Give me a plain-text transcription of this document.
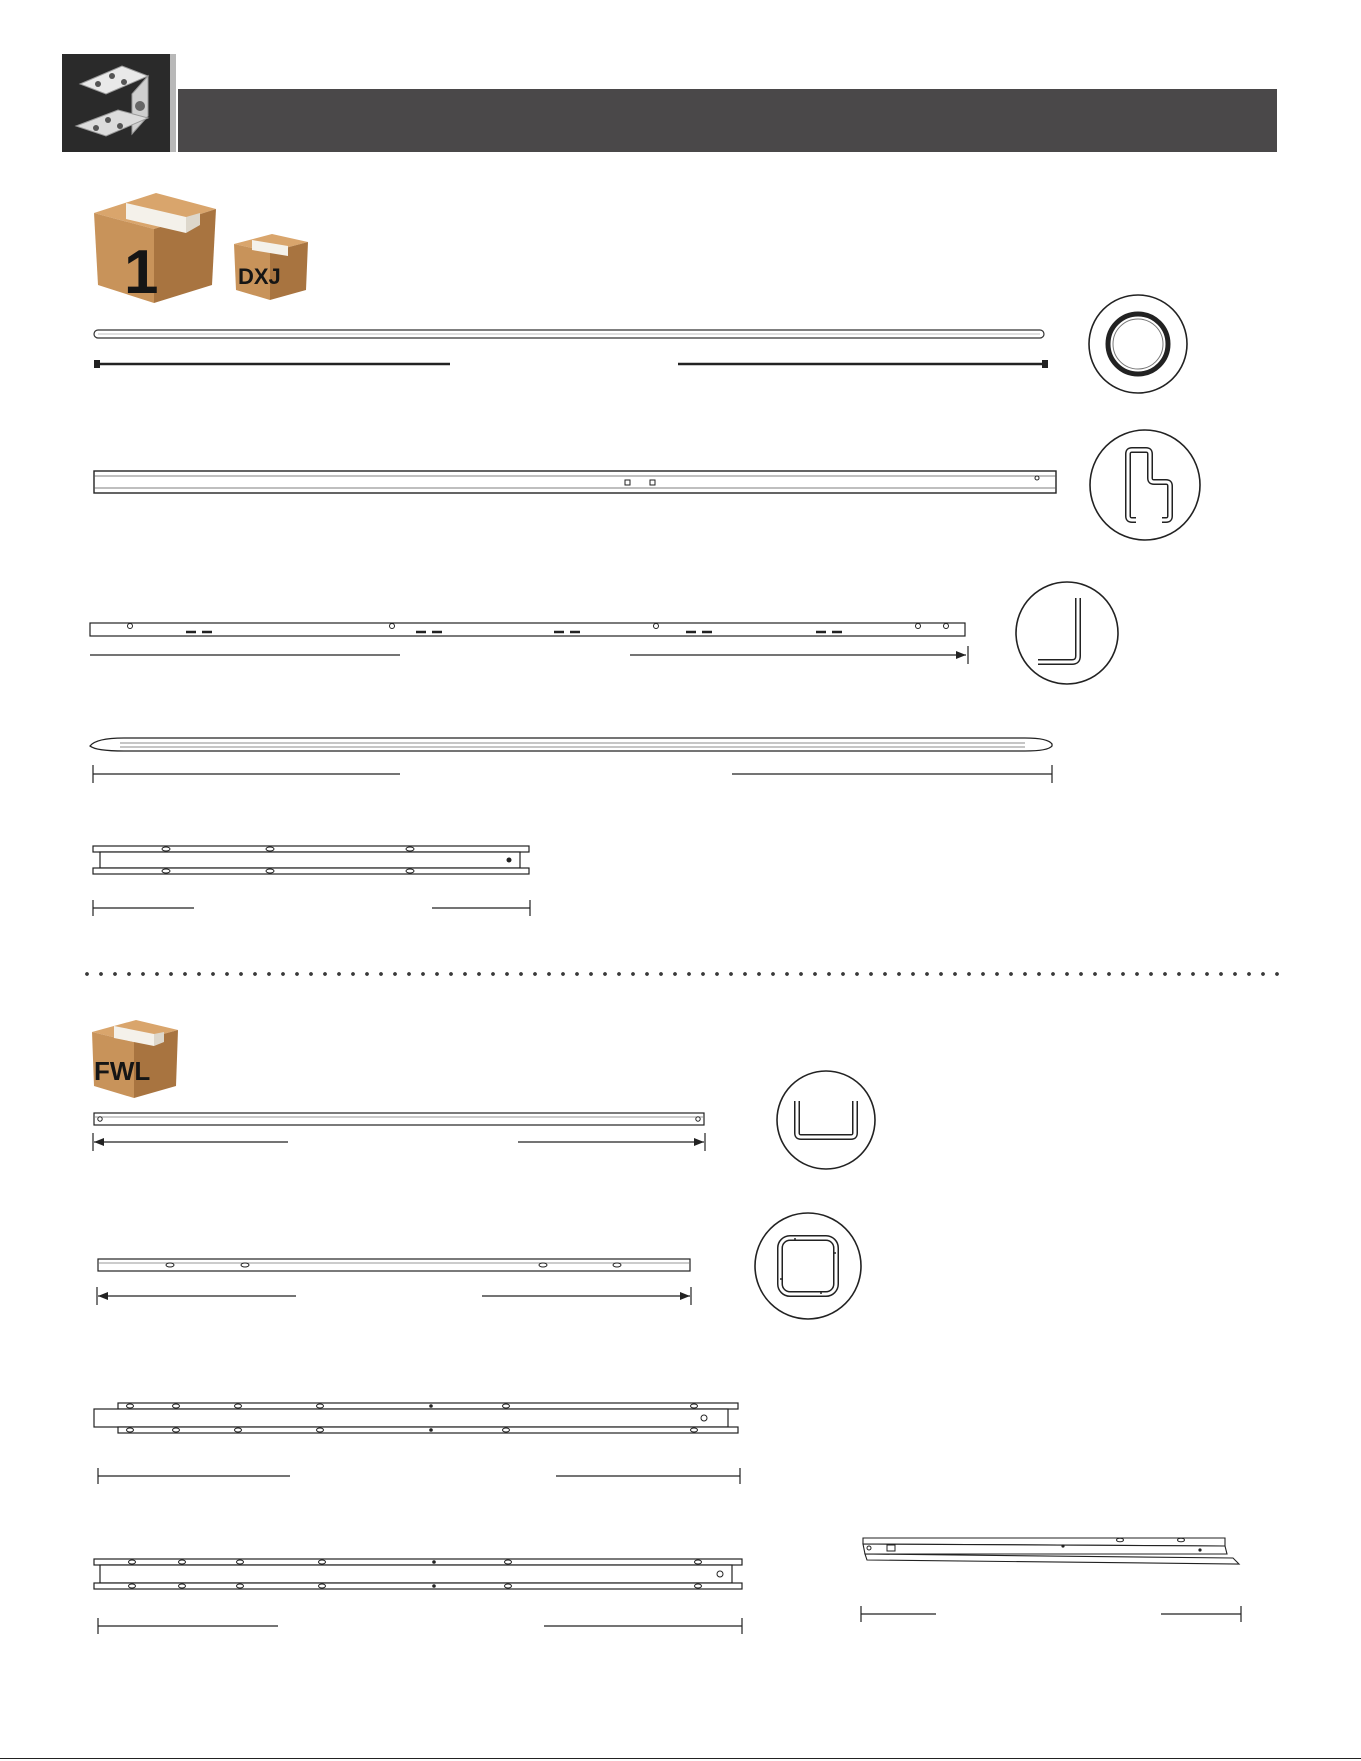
1	DXJ
FWL
